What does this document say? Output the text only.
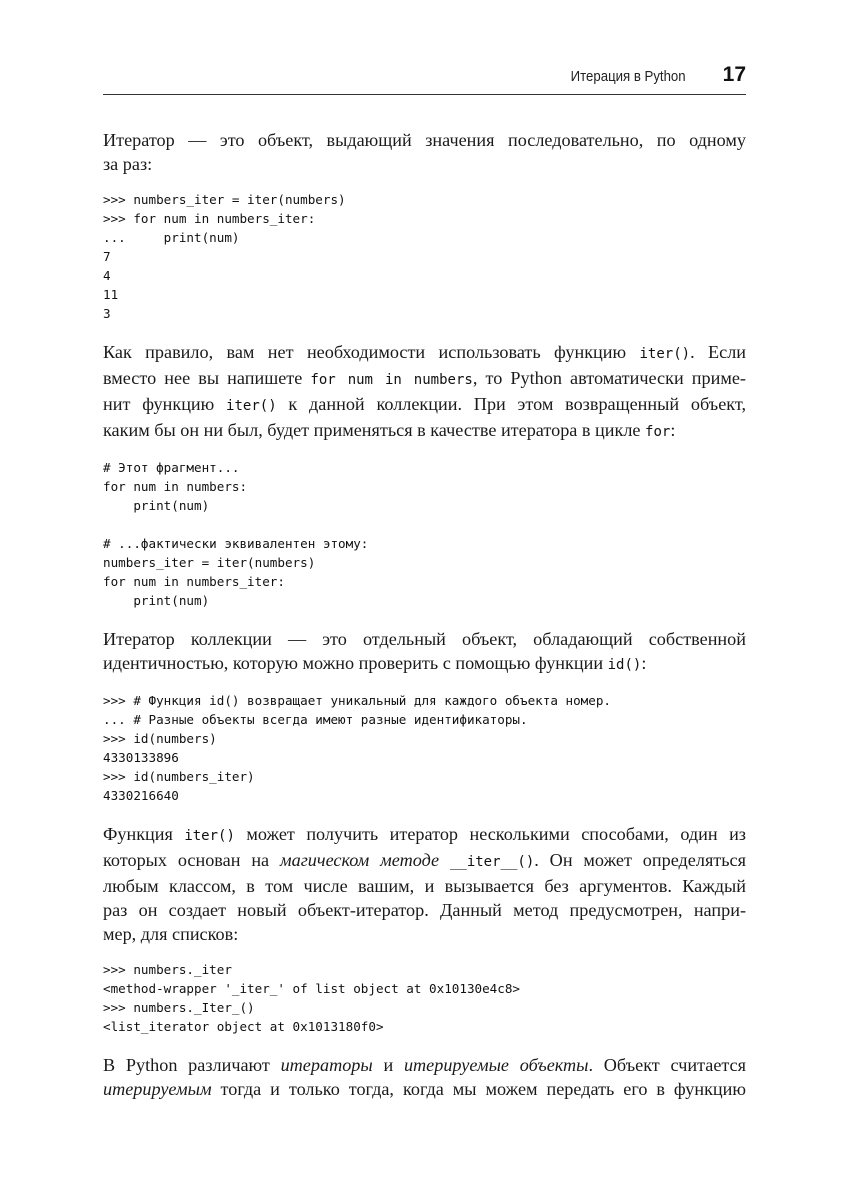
Итерация в Python 17

Итератор — это объект, выдающий значения последовательно, по одному
за раз:

>>> numbers_iter = iter(numbers)
>>> for num in numbers_iter:
...     print(num)
7
4
11
3

Как правило, вам нет необходимости использовать функцию iter(). Если
вместо нее вы напишете for num in numbers, то Python автоматически приме-
нит функцию iter() к данной коллекции. При этом возвращенный объект,
каким бы он ни был, будет применяться в качестве итератора в цикле for:

# Этот фрагмент...
for num in numbers:
print(num)

# ...фактически эквивалентен этому:
numbers_iter = iter(numbers)
for num in numbers_iter:
print(num)

Итератор коллекции — это отдельный объект, обладающий собственной
идентичностью, которую можно проверить с помощью функции id():

>>> # Функция id() возвращает уникальный для каждого объекта номер.
... # Разные объекты всегда имеют разные идентификаторы.
>>> id(numbers)
4330133896
>>> id(numbers_iter)
4330216640

Функция iter() может получить итератор несколькими способами, один из
которых основан на магическом методе __iter__(). Он может определяться
любым классом, в том числе вашим, и вызывается без аргументов. Каждый
раз он создает новый объект-итератор. Данный метод предусмотрен, напри-
мер, для списков:

>>> numbers._iter
<method-wrapper '_iter_' of list object at 0x10130e4c8>
>>> numbers._Iter_()
<list_iterator object at 0x1013180f0>

В Python различают итераторы и итерируемые объекты. Объект считается
итерируемым тогда и только тогда, когда мы можем передать его в функцию
